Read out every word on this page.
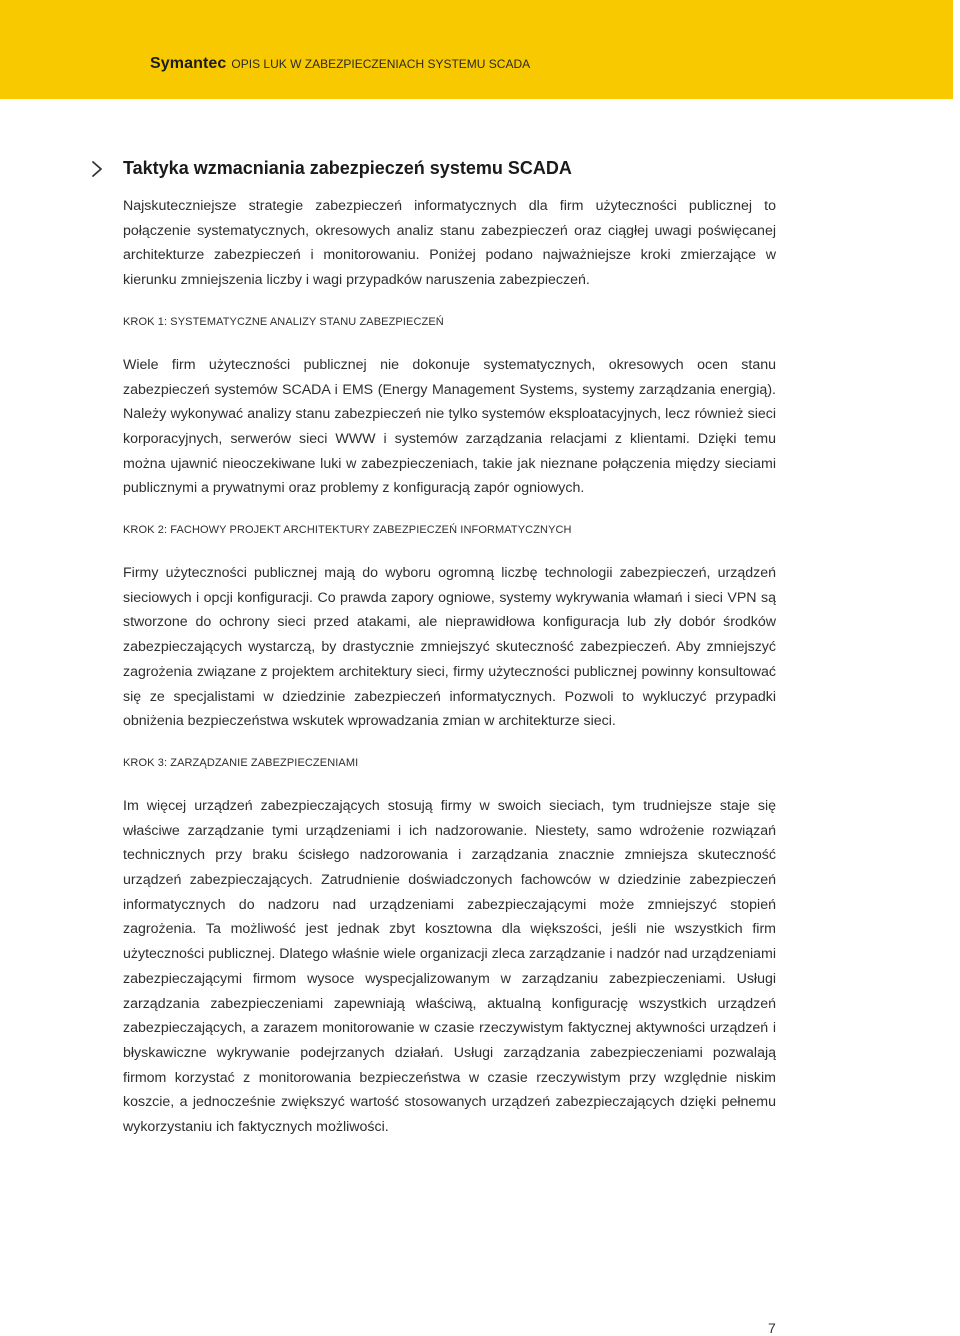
Symantec OPIS LUK W ZABEZPIECZENIACH SYSTEMU SCADA
Taktyka wzmacniania zabezpieczeń systemu SCADA

Najskuteczniejsze strategie zabezpieczeń informatycznych dla firm użyteczności publicznej to połączenie systematycznych, okresowych analiz stanu zabezpieczeń oraz ciągłej uwagi poświęcanej architekturze zabezpieczeń i monitorowaniu. Poniżej podano najważniejsze kroki zmierzające w kierunku zmniejszenia liczby i wagi przypadków naruszenia zabezpieczeń.

KROK 1: SYSTEMATYCZNE ANALIZY STANU ZABEZPIECZEŃ

Wiele firm użyteczności publicznej nie dokonuje systematycznych, okresowych ocen stanu zabezpieczeń systemów SCADA i EMS (Energy Management Systems, systemy zarządzania energią). Należy wykonywać analizy stanu zabezpieczeń nie tylko systemów eksploatacyjnych, lecz również sieci korporacyjnych, serwerów sieci WWW i systemów zarządzania relacjami z klientami. Dzięki temu można ujawnić nieoczekiwane luki w zabezpieczeniach, takie jak nieznane połączenia między sieciami publicznymi a prywatnymi oraz problemy z konfiguracją zapór ogniowych.

KROK 2: FACHOWY PROJEKT ARCHITEKTURY ZABEZPIECZEŃ INFORMATYCZNYCH

Firmy użyteczności publicznej mają do wyboru ogromną liczbę technologii zabezpieczeń, urządzeń sieciowych i opcji konfiguracji. Co prawda zapory ogniowe, systemy wykrywania włamań i sieci VPN są stworzone do ochrony sieci przed atakami, ale nieprawidłowa konfiguracja lub zły dobór środków zabezpieczających wystarczą, by drastycznie zmniejszyć skuteczność zabezpieczeń. Aby zmniejszyć zagrożenia związane z projektem architektury sieci, firmy użyteczności publicznej powinny konsultować się ze specjalistami w dziedzinie zabezpieczeń informatycznych. Pozwoli to wykluczyć przypadki obniżenia bezpieczeństwa wskutek wprowadzania zmian w architekturze sieci.

KROK 3: ZARZĄDZANIE ZABEZPIECZENIAMI

Im więcej urządzeń zabezpieczających stosują firmy w swoich sieciach, tym trudniejsze staje się właściwe zarządzanie tymi urządzeniami i ich nadzorowanie. Niestety, samo wdrożenie rozwiązań technicznych przy braku ścisłego nadzorowania i zarządzania znacznie zmniejsza skuteczność urządzeń zabezpieczających. Zatrudnienie doświadczonych fachowców w dziedzinie zabezpieczeń informatycznych do nadzoru nad urządzeniami zabezpieczającymi może zmniejszyć stopień zagrożenia. Ta możliwość jest jednak zbyt kosztowna dla większości, jeśli nie wszystkich firm użyteczności publicznej. Dlatego właśnie wiele organizacji zleca zarządzanie i nadzór nad urządzeniami zabezpieczającymi firmom wysoce wyspecjalizowanym w zarządzaniu zabezpieczeniami. Usługi zarządzania zabezpieczeniami zapewniają właściwą, aktualną konfigurację wszystkich urządzeń zabezpieczających, a zarazem monitorowanie w czasie rzeczywistym faktycznej aktywności urządzeń i błyskawiczne wykrywanie podejrzanych działań. Usługi zarządzania zabezpieczeniami pozwalają firmom korzystać z monitorowania bezpieczeństwa w czasie rzeczywistym przy względnie niskim koszcie, a jednocześnie zwiększyć wartość stosowanych urządzeń zabezpieczających dzięki pełnemu wykorzystaniu ich faktycznych możliwości.

7
